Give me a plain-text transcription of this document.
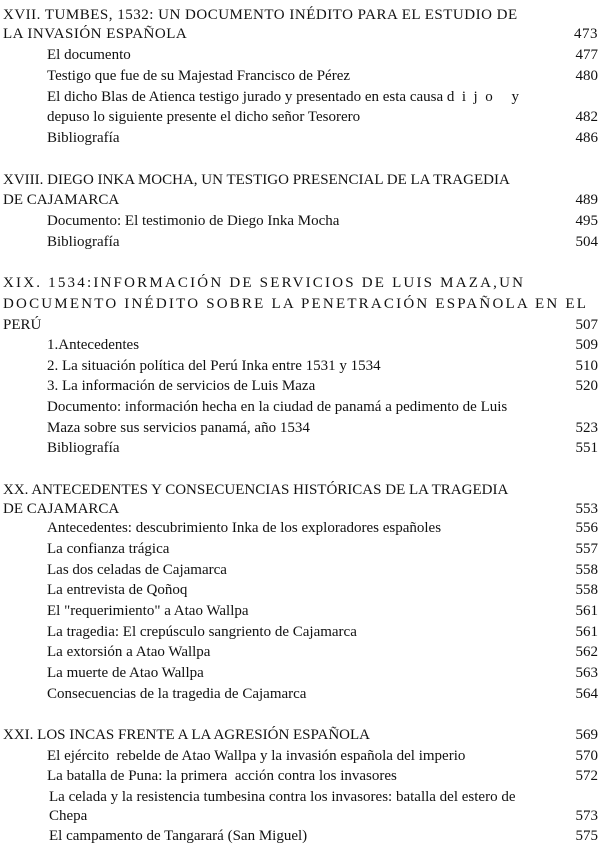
XVII. TUMBES, 1532: UN DOCUMENTO INÉDITO PARA EL ESTUDIO DE
LA INVASIÓN ESPAÑOLA	473
El documento	477
Testigo que fue de su Majestad Francisco de Pérez	480
El dicho Blas de Atienca testigo jurado y presentado en esta causa d  i  j  o     y
depuso lo siguiente presente el dicho señor Tesorero	482
Bibliografía	486
XVIII. DIEGO INKA MOCHA, UN TESTIGO PRESENCIAL DE LA TRAGEDIA
DE CAJAMARCA	489
Documento: El testimonio de Diego Inka Mocha	495
Bibliografía	504
XIX. 1534:INFORMACIÓN DE SERVICIOS DE LUIS MAZA,UN
DOCUMENTO INÉDITO SOBRE LA PENETRACIÓN ESPAÑOLA EN EL
PERÚ	507
1.Antecedentes	509
2. La situación política del Perú Inka entre 1531 y 1534	510
3. La información de servicios de Luis Maza	520
Documento: información hecha en la ciudad de panamá a pedimento de Luis
Maza sobre sus servicios panamá, año 1534	523
Bibliografía	551
XX. ANTECEDENTES Y CONSECUENCIAS HISTÓRICAS DE LA TRAGEDIA
DE CAJAMARCA	553
Antecedentes: descubrimiento Inka de los exploradores españoles	556
La confianza trágica	557
Las dos celadas de Cajamarca	558
La entrevista de Qoñoq	558
El "requerimiento" a Atao Wallpa	561
La tragedia: El crepúsculo sangriento de Cajamarca	561
La extorsión a Atao Wallpa	562
La muerte de Atao Wallpa	563
Consecuencias de la tragedia de Cajamarca	564
XXI. LOS INCAS FRENTE A LA AGRESIÓN ESPAÑOLA	569
El ejército  rebelde de Atao Wallpa y la invasión española del imperio	570
La batalla de Puna: la primera  acción contra los invasores	572
La celada y la resistencia tumbesina contra los invasores: batalla del estero de
Chepa	573
El campamento de Tangarará (San Miguel)	575
